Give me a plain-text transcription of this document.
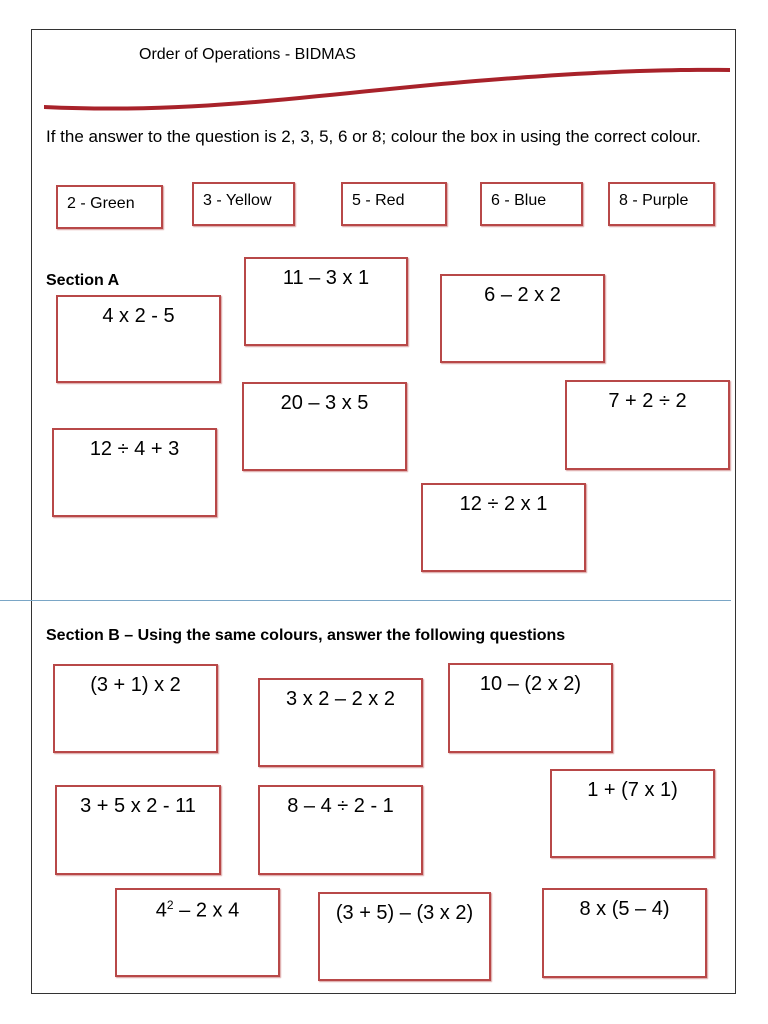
Order of Operations - BIDMAS
If the answer to the question is 2, 3, 5, 6 or 8; colour the box in using the correct colour.
2 - Green	3 - Yellow	5 - Red	6 - Blue	8 - Purple
Section A
4 x 2 - 5
11 – 3 x 1
6 – 2 x 2
20 – 3 x 5	7 + 2 ÷ 2
12 ÷ 4 + 3
12 ÷ 2 x 1
Section B – Using the same colours, answer the following questions
(3 + 1) x 2
3 x 2 – 2 x 2
10 – (2 x 2)
3 + 5 x 2 - 11	8 – 4 ÷ 2 - 1
1 + (7 x 1)
$4^2 - 2$ x 4	(3 + 5) – (3 x 2)	8 x (5 – 4)
